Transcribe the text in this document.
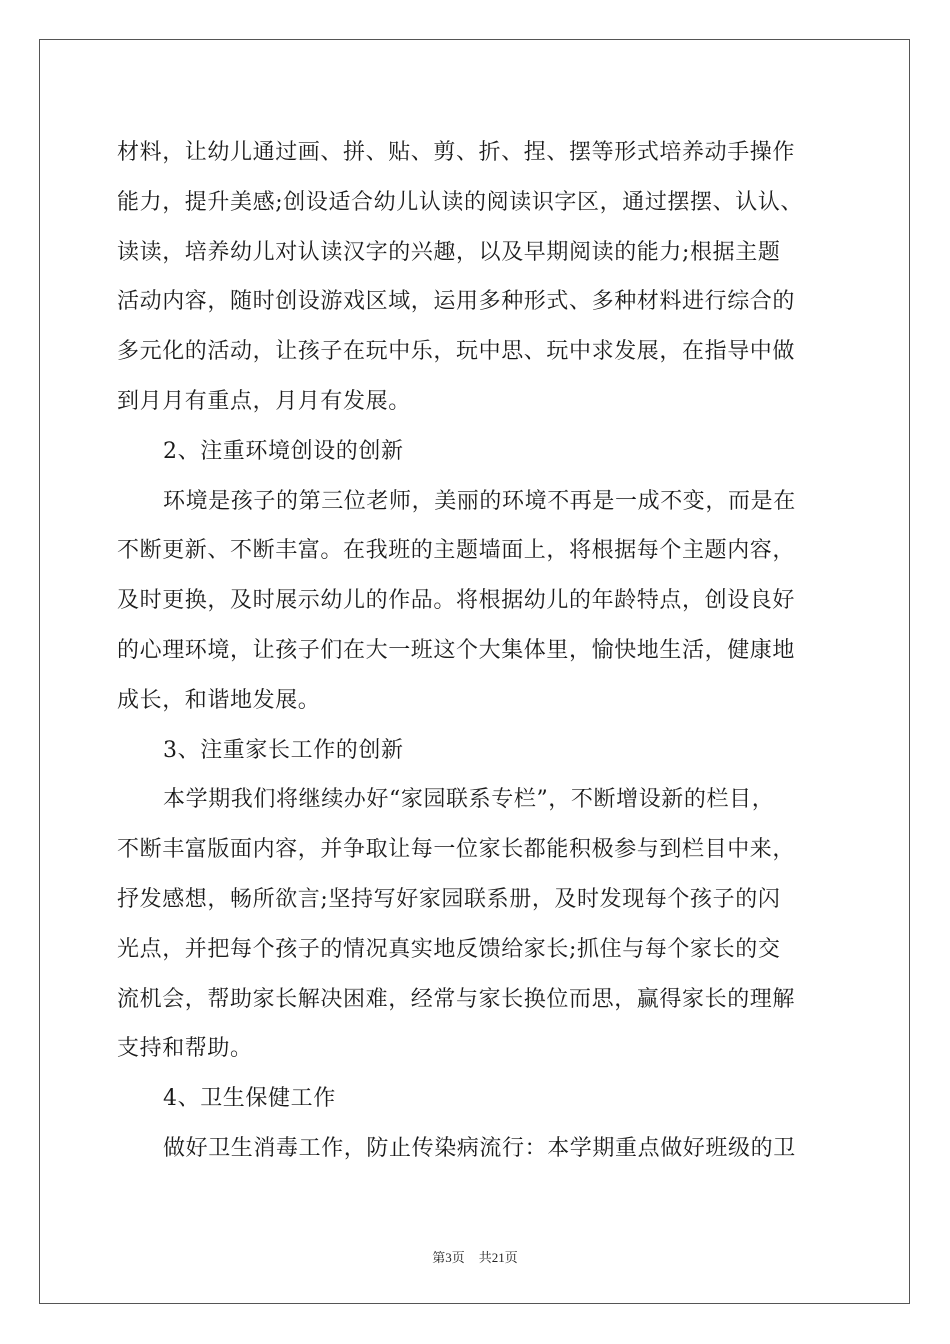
材料，让幼儿通过画、拼、贴、剪、折、捏、摆等形式培养动手操作
能力，提升美感;创设适合幼儿认读的阅读识字区，通过摆摆、认认、
读读，培养幼儿对认读汉字的兴趣，以及早期阅读的能力;根据主题
活动内容，随时创设游戏区域，运用多种形式、多种材料进行综合的
多元化的活动，让孩子在玩中乐，玩中思、玩中求发展，在指导中做
到月月有重点，月月有发展。
2、注重环境创设的创新
环境是孩子的第三位老师，美丽的环境不再是一成不变，而是在
不断更新、不断丰富。在我班的主题墙面上，将根据每个主题内容，
及时更换，及时展示幼儿的作品。将根据幼儿的年龄特点，创设良好
的心理环境，让孩子们在大一班这个大集体里，愉快地生活，健康地
成长，和谐地发展。
3、注重家长工作的创新
本学期我们将继续办好“家园联系专栏”，不断增设新的栏目，
不断丰富版面内容，并争取让每一位家长都能积极参与到栏目中来，
抒发感想，畅所欲言;坚持写好家园联系册，及时发现每个孩子的闪
光点，并把每个孩子的情况真实地反馈给家长;抓住与每个家长的交
流机会，帮助家长解决困难，经常与家长换位而思，赢得家长的理解
支持和帮助。
4、卫生保健工作
做好卫生消毒工作，防止传染病流行：本学期重点做好班级的卫
第3页 共21页
